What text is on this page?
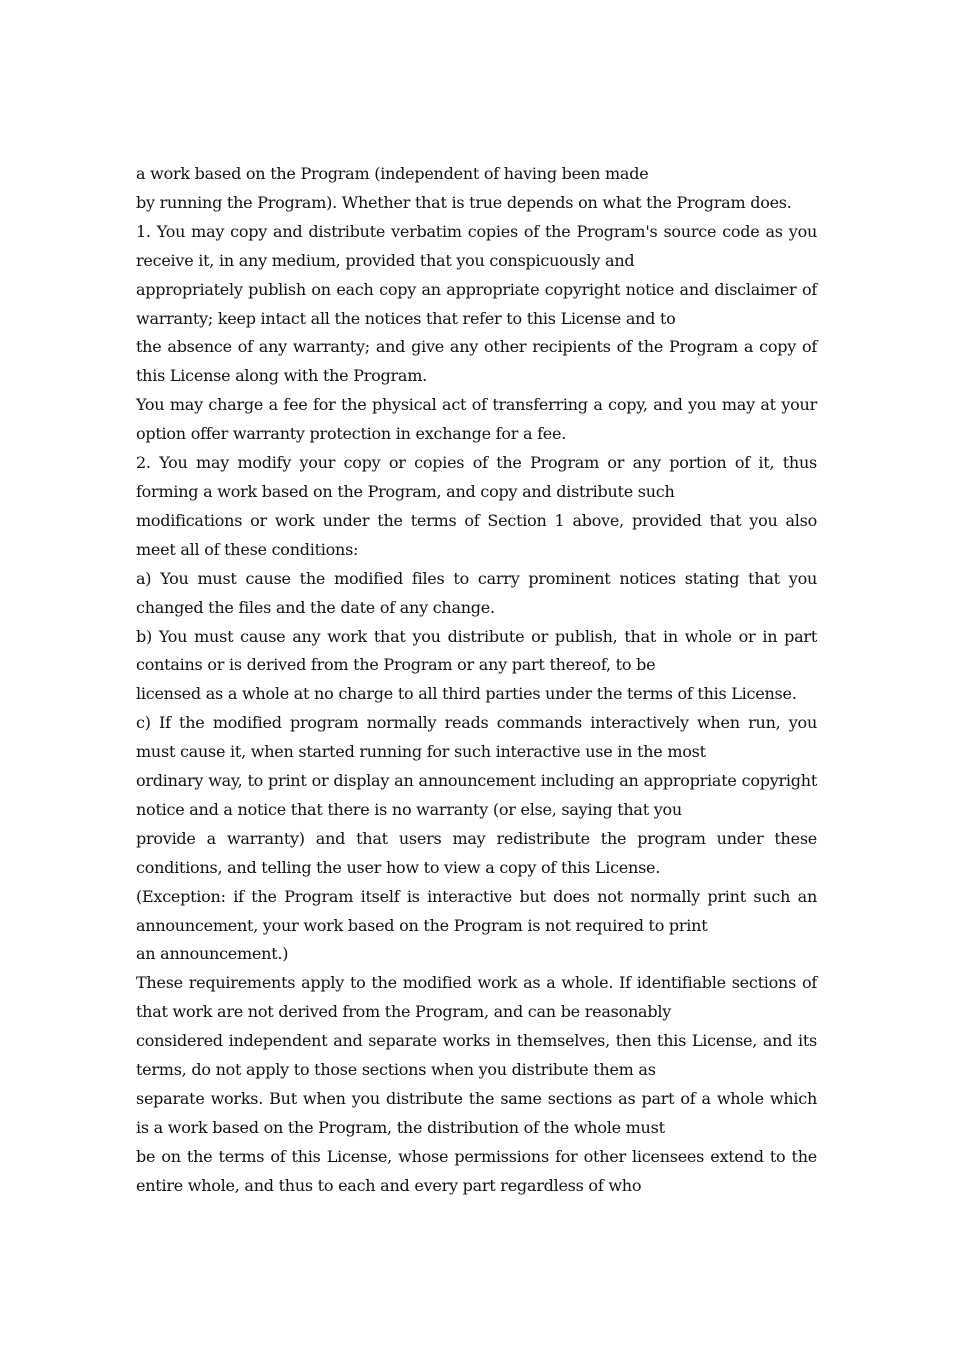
a work based on the Program (independent of having been made

by running the Program). Whether that is true depends on what the Program does.

1. You may copy and distribute verbatim copies of the Program's source code as you receive it, in any medium, provided that you conspicuously and

appropriately publish on each copy an appropriate copyright notice and disclaimer of warranty; keep intact all the notices that refer to this License and to

the absence of any warranty; and give any other recipients of the Program a copy of this License along with the Program.

You may charge a fee for the physical act of transferring a copy, and you may at your option offer warranty protection in exchange for a fee.

2. You may modify your copy or copies of the Program or any portion of it, thus forming a work based on the Program, and copy and distribute such

modifications or work under the terms of Section 1 above, provided that you also meet all of these conditions:

a) You must cause the modified files to carry prominent notices stating that you changed the files and the date of any change.

b) You must cause any work that you distribute or publish, that in whole or in part contains or is derived from the Program or any part thereof, to be

licensed as a whole at no charge to all third parties under the terms of this License.

c) If the modified program normally reads commands interactively when run, you must cause it, when started running for such interactive use in the most

ordinary way, to print or display an announcement including an appropriate copyright notice and a notice that there is no warranty (or else, saying that you

provide a warranty) and that users may redistribute the program under these conditions, and telling the user how to view a copy of this License.

(Exception: if the Program itself is interactive but does not normally print such an announcement, your work based on the Program is not required to print

an announcement.)

These requirements apply to the modified work as a whole. If identifiable sections of that work are not derived from the Program, and can be reasonably

considered independent and separate works in themselves, then this License, and its terms, do not apply to those sections when you distribute them as

separate works. But when you distribute the same sections as part of a whole which is a work based on the Program, the distribution of the whole must

be on the terms of this License, whose permissions for other licensees extend to the entire whole, and thus to each and every part regardless of who
